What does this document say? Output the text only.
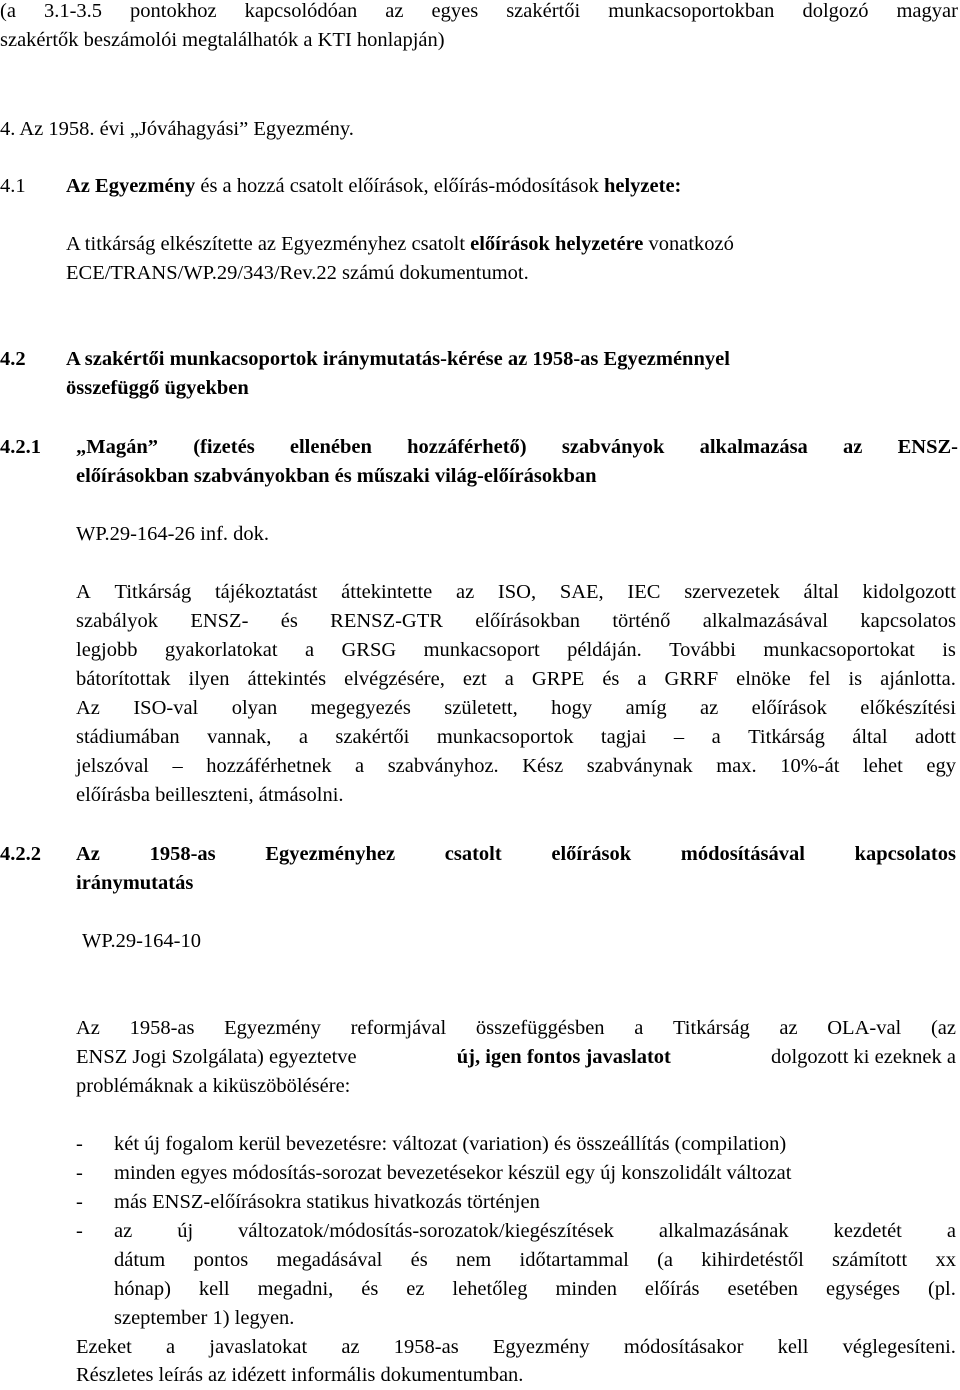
(a 3.1-3.5 pontokhoz kapcsolódóan az egyes szakértői munkacsoportokban dolgozó magyar
szakértők beszámolói megtalálhatók a KTI honlapján)
4. Az 1958. évi „Jóváhagyási” Egyezmény.
4.1 Az Egyezmény és a hozzá csatolt előírások, előírás-módosítások helyzete:
A titkárság elkészítette az Egyezményhez csatolt előírások helyzetére vonatkozó
ECE/TRANS/WP.29/343/Rev.22 számú dokumentumot.
4.2 A szakértői munkacsoportok iránymutatás-kérése az 1958-as Egyezménnyel
összefüggő ügyekben
4.2.1 „Magán” (fizetés ellenében hozzáférhető) szabványok alkalmazása az ENSZ-
előírásokban szabványokban és műszaki világ-előírásokban
WP.29-164-26 inf. dok.
A Titkárság tájékoztatást áttekintette az ISO, SAE, IEC szervezetek által kidolgozott
szabályok ENSZ- és RENSZ-GTR előírásokban történő alkalmazásával kapcsolatos
legjobb gyakorlatokat a GRSG munkacsoport példáján. További munkacsoportokat is
bátorítottak ilyen áttekintés elvégzésére, ezt a GRPE és a GRRF elnöke fel is ajánlotta.
Az ISO-val olyan megegyezés született, hogy amíg az előírások előkészítési
stádiumában vannak, a szakértői munkacsoportok tagjai – a Titkárság által adott
jelszóval – hozzáférhetnek a szabványhoz. Kész szabványnak max. 10%-át lehet egy
előírásba beilleszteni, átmásolni.
4.2.2 Az 1958-as Egyezményhez csatolt előírások módosításával kapcsolatos
iránymutatás
WP.29-164-10
Az 1958-as Egyezmény reformjával összefüggésben a Titkárság az OLA-val (az
ENSZ Jogi Szolgálata) egyeztetve	új, igen fontos javaslatot	dolgozott ki ezeknek a
problémáknak a kiküszöbölésére:
- két új fogalom kerül bevezetésre: változat (variation) és összeállítás (compilation)
- minden egyes módosítás-sorozat bevezetésekor készül egy új konszolidált változat
- más ENSZ-előírásokra statikus hivatkozás történjen
- az új változatok/módosítás-sorozatok/kiegészítések alkalmazásának kezdetét a
dátum pontos megadásával és nem időtartammal (a kihirdetéstől számított xx
hónap) kell megadni, és ez lehetőleg minden előírás esetében egységes (pl.
szeptember 1) legyen.
Ezeket a javaslatokat az 1958-as Egyezmény módosításakor kell véglegesíteni.
Részletes leírás az idézett informális dokumentumban.
